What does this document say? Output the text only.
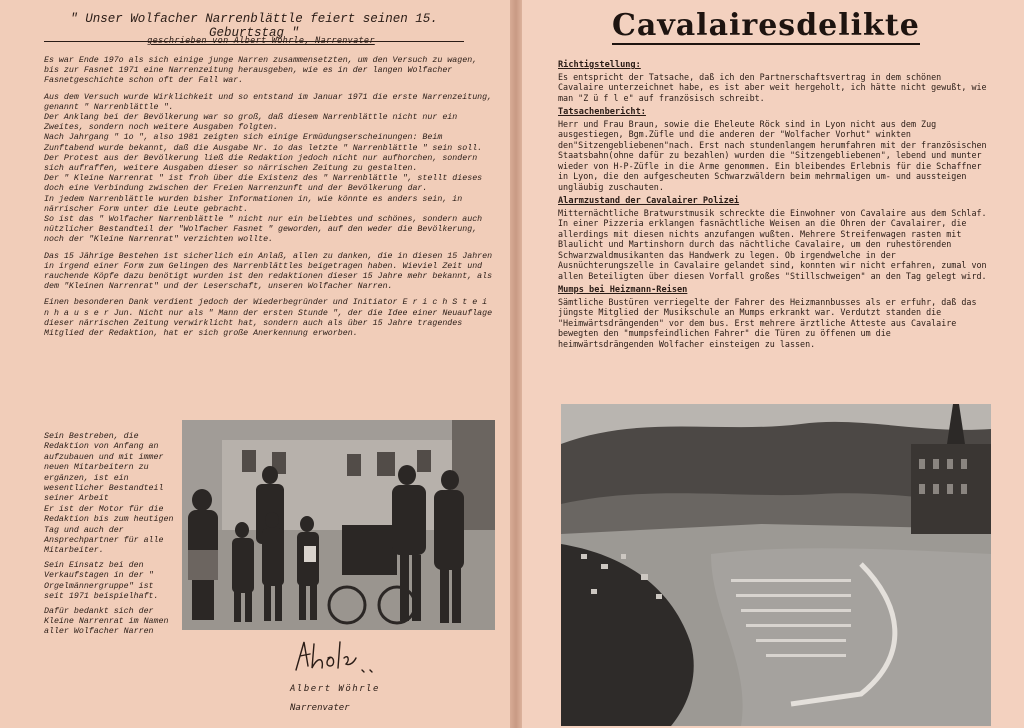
" Unser Wolfacher Narrenblättle feiert seinen 15. Geburtstag "
geschrieben von Albert Wöhrle, Narrenvater

Es war Ende 197o als sich einige junge Narren zusammensetzten, um den Versuch zu wagen, bis zur Fasnet 1971 eine Narrenzeitung herausgeben, wie es in der langen Wolfacher Fasnetgeschichte schon oft der Fall war.

Aus dem Versuch wurde Wirklichkeit und so entstand im Januar 1971 die erste Narrenzeitung, genannt " Narrenblättle ".

Der Anklang bei der Bevölkerung war so groß, daß diesem Narrenblättle nicht nur ein Zweites, sondern noch weitere Ausgaben folgten.

Nach Jahrgang " 1o ", also 1981 zeigten sich einige Ermüdungserscheinungen: Beim Zunftabend wurde bekannt, daß die Ausgabe Nr. 1o das letzte " Narrenblättle " sein soll.

Der Protest aus der Bevölkerung ließ die Redaktion jedoch nicht nur aufhorchen, sondern sich aufraffen, weitere Ausgaben dieser so närrischen Zeitung zu gestalten.

Der " Kleine Narrenrat " ist froh über die Existenz des " Narrenblättle ", stellt dieses doch eine Verbindung zwischen der Freien Narrenzunft und der Bevölkerung dar.

In jedem Narrenblättle wurden bisher Informationen in, wie könnte es anders sein, in närrischer Form unter die Leute gebracht.

So ist das " Wolfacher Narrenblättle " nicht nur ein beliebtes und schönes, sondern auch nützlicher Bestandteil der "Wolfacher Fasnet " geworden, auf den weder die Bevölkerung, noch der "Kleine Narrenrat" verzichten wollte.

Das 15 Jährige Bestehen ist sicherlich ein Anlaß, allen zu danken, die in diesen 15 Jahren in irgend einer Form zum Gelingen des Narrenblättles beigetragen haben. Wieviel Zeit und rauchende Köpfe dazu benötigt wurden ist den redaktionen dieser 15 Jahre mehr bekannt, als dem "Kleinen Narrenrat" und der Leserschaft, unseren Wolfacher Narren.

Einen besonderen Dank verdient jedoch der Wiederbegründer und Initiator E r i c h S t e i n h a u s e r Jun. Nicht nur als " Mann der ersten Stunde ", der die Idee einer Neuauflage dieser närrischen Zeitung verwirklicht hat, sondern auch als über 15 Jahre tragendes Mitglied der Redaktion, hat er sich große Anerkennung erworben.

Sein Bestreben, die Redaktion von Anfang an aufzubauen und mit immer neuen Mitarbeitern zu ergänzen, ist ein wesentlicher Bestandteil seiner Arbeit

Er ist der Motor für die Redaktion bis zum heutigen Tag und auch der Ansprechpartner für alle Mitarbeiter.

Sein Einsatz bei den Verkaufstagen in der " Orgelmännergruppe" ist seit 1971 beispielhaft.

Dafür bedankt sich der Kleine Narrenrat im Namen aller Wolfacher Narren

Albert Wöhrle
Narrenvater
Cavalairesdelikte
Richtigstellung:

Es entspricht der Tatsache, daß ich den Partnerschaftsvertrag in dem schönen Cavalaire unterzeichnet habe, es ist aber weit hergeholt, ich hätte nicht gewußt, wie man "Z ü f l e" auf französisch schreibt.

Tatsachenbericht:

Herr und Frau Braun, sowie die Eheleute Röck sind in Lyon nicht aus dem Zug ausgestiegen, Bgm.Züfle und die anderen der "Wolfacher Vorhut" winkten den"Sitzengebliebenen"nach. Erst nach stundenlangem herumfahren mit der französischen Staatsbahn(ohne dafür zu bezahlen) wurden die "Sitzengebliebenen", lebend und munter wieder von H-P-Züfle in die Arme genommen. Ein bleibendes Erlebnis für die Schaffner in Lyon, die den aufgescheuten Schwarzwäldern beim mehrmaligen um- und aussteigen ungläubig zuschauten.

Alarmzustand der Cavalairer Polizei

Mitternächtliche Bratwurstmusik schreckte die Einwohner von Cavalaire aus dem Schlaf. In einer Pizzeria erklangen fasnächtliche Weisen an die Ohren der Cavalairer, die allerdings mit diesen nichts anzufangen wußten. Mehrere Streifenwagen rasten mit Blaulicht und Martinshorn durch das nächtliche Cavalaire, um den ruhestörenden Schwarzwaldmusikanten das Handwerk zu legen. Ob irgendwelche in der Ausnüchterungszelle in Cavalaire gelandet sind, konnten wir nicht erfahren, zumal von allen Beteiligten über diesen Vorfall großes "Stillschweigen" an den Tag gelegt wird.

Mumps bei Heizmann-Reisen

Sämtliche Bustüren verriegelte der Fahrer des Heizmannbusses als er erfuhr, daß das jüngste Mitglied der Musikschule an Mumps erkrankt war. Verdutzt standen die "Heimwärtsdrängenden" vor dem bus. Erst mehrere ärztliche Atteste aus Cavalaire bewegten den "mumpsfeindlichen Fahrer" die Türen zu öffenen um die heimwärtsdrängenden Wolfacher einsteigen zu lassen.
